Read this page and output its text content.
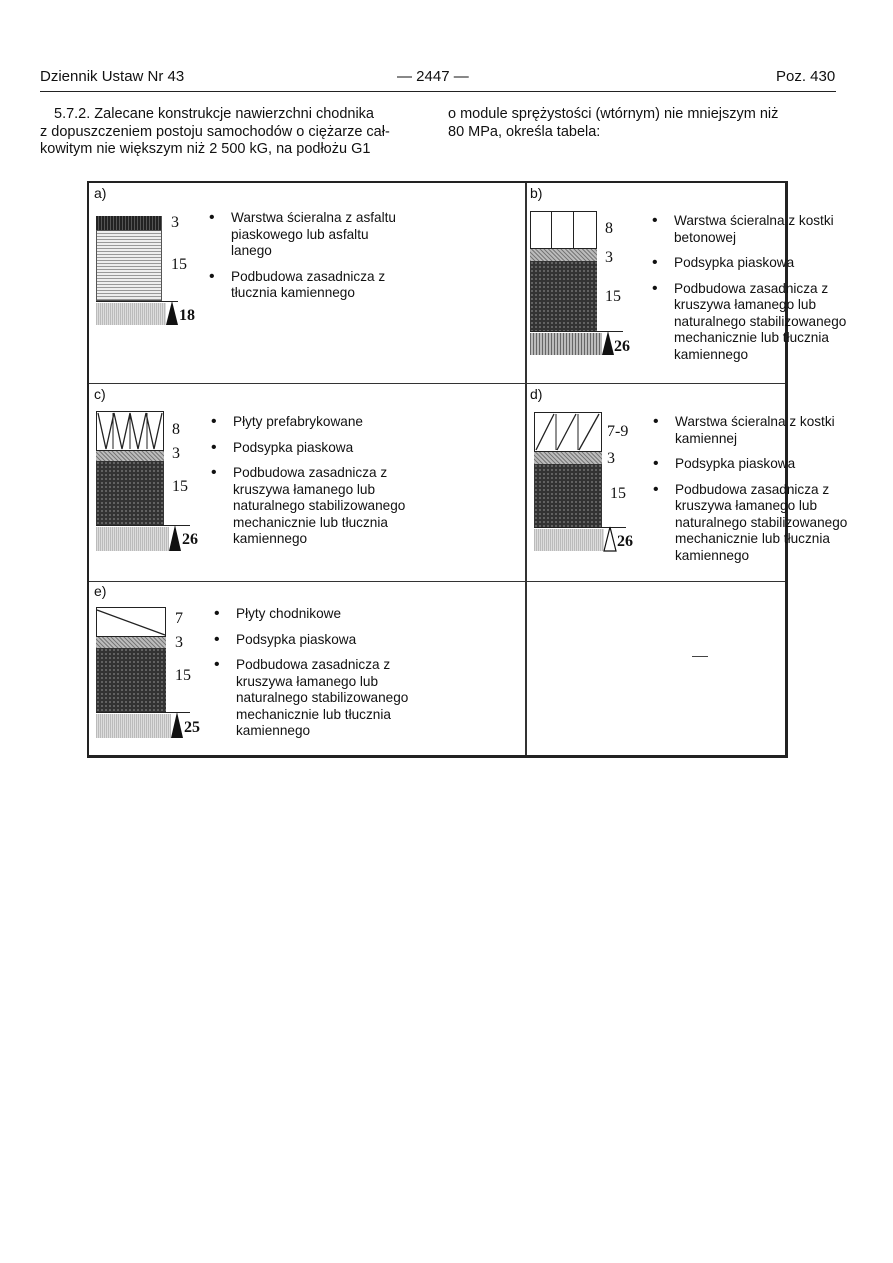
Dziennik Ustaw Nr 43	— 2447 —	Poz. 430
5.7.2. Zalecane konstrukcje nawierzchni chodnika
z dopuszczeniem postoju samochodów o ciężarze cał-
kowitym nie większym niż 2 500 kG, na podłożu G1
o module sprężystości (wtórnym) nie mniejszym niż
80 MPa, określa tabela:
a)
3
15
18
• Warstwa ścieralna z asfaltu piaskowego lub asfaltu lanego
• Podbudowa zasadnicza z tłucznia kamiennego
b)
8
3
15
26
• Warstwa ścieralna z kostki betonowej
• Podsypka piaskowa
• Podbudowa zasadnicza z kruszywa łamanego lub naturalnego stabilizowanego mechanicznie lub tłucznia kamiennego
c)
8
3
15
26
• Płyty prefabrykowane
• Podsypka piaskowa
• Podbudowa zasadnicza z kruszywa łamanego lub naturalnego stabilizowanego mechanicznie lub tłucznia kamiennego
d)
7-9
3
15
26
• Warstwa ścieralna z kostki kamiennej
• Podsypka piaskowa
• Podbudowa zasadnicza z kruszywa łamanego lub naturalnego stabilizowanego mechanicznie lub tłucznia kamiennego
e)
7
3
15
25
• Płyty chodnikowe
• Podsypka piaskowa
• Podbudowa zasadnicza z kruszywa łamanego lub naturalnego stabilizowanego mechanicznie lub tłucznia kamiennego
